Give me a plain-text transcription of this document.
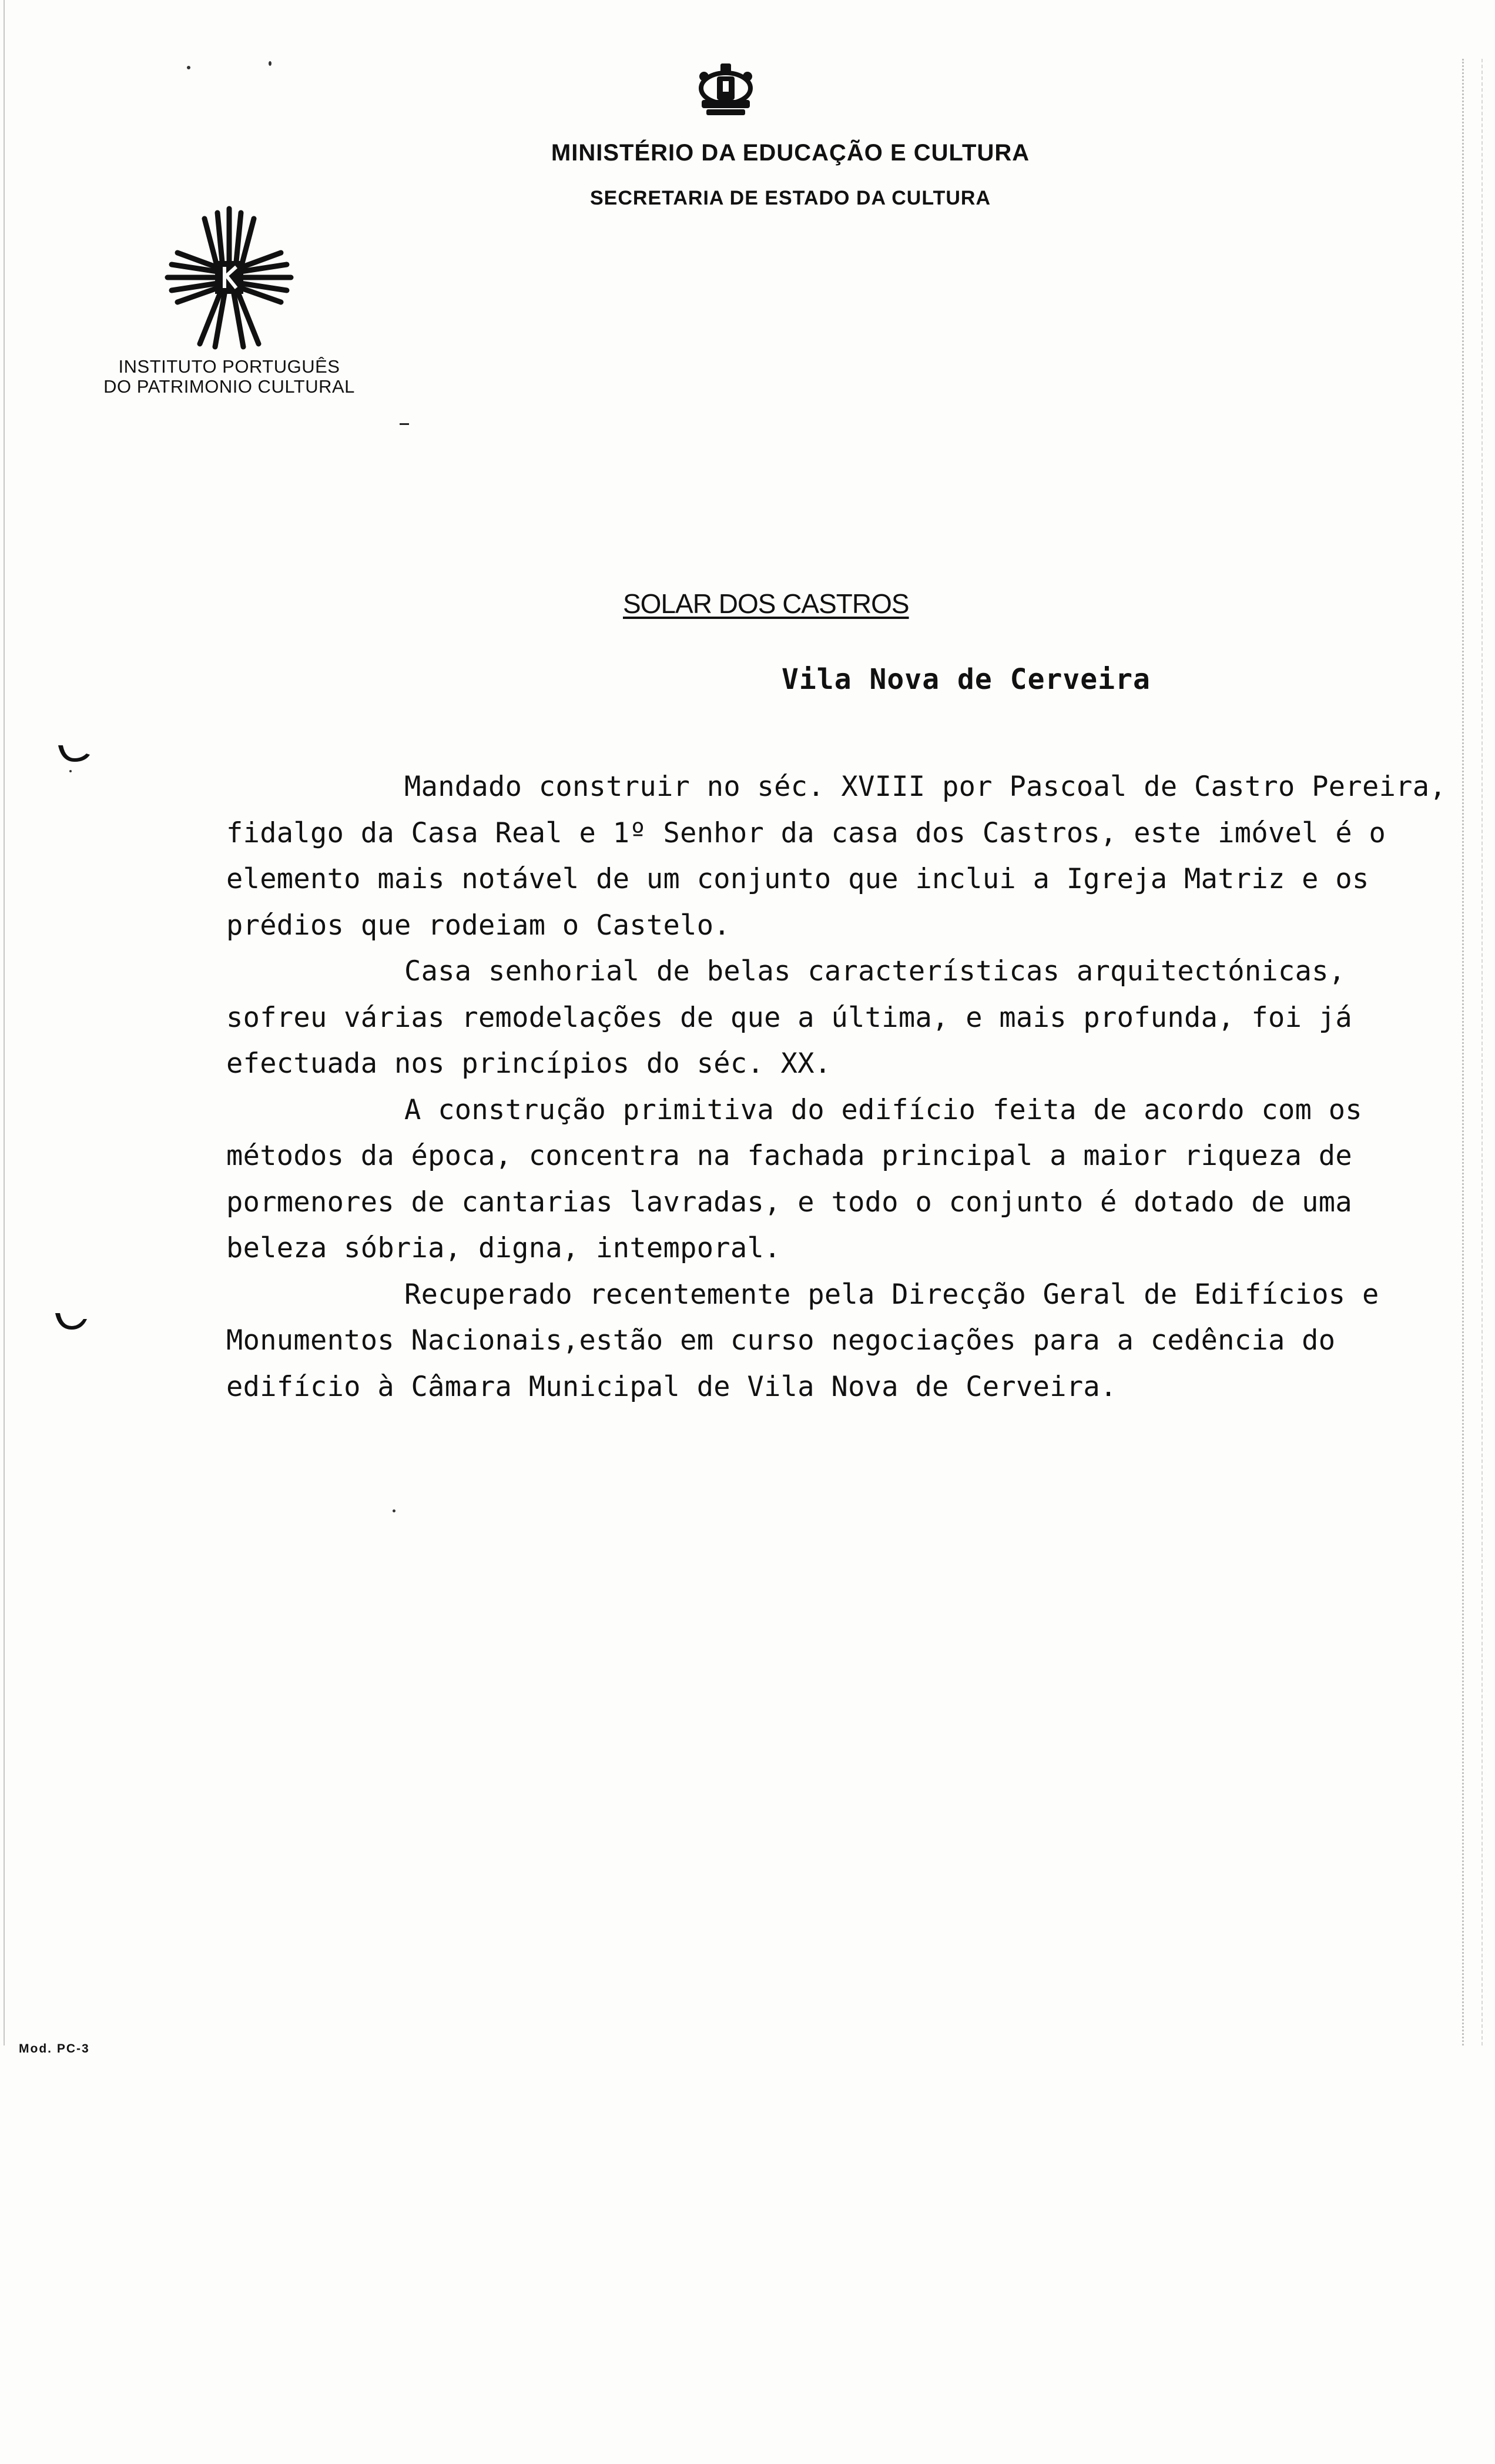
MINISTÉRIO DA EDUCAÇÃO E CULTURA
SECRETARIA DE ESTADO DA CULTURA
INSTITUTO PORTUGUÊS
DO PATRIMONIO CULTURAL
SOLAR DOS CASTROS
Vila Nova de Cerveira

Mandado construir no séc. XVIII por Pascoal de Castro Pereira, fidalgo da Casa Real e 1º Senhor da casa dos Castros, este imóvel é o elemento mais notável de um conjunto que inclui a Igreja Matriz e os prédios que rodeiam o Castelo.

Casa senhorial de belas características arquitectónicas, sofreu várias remodelações de que a última, e mais profunda, foi já efectuada nos princípios do séc. XX.

A construção primitiva do edifício feita de acordo com os métodos da época, concentra na fachada principal a maior riqueza de pormenores de cantarias lavradas, e todo o conjunto é dotado de uma beleza sóbria, digna, intemporal.

Recuperado recentemente pela Direcção Geral de Edifícios e Monumentos Nacionais,estão em curso negociações para a cedência do edifício à Câmara Municipal de Vila Nova de Cerveira.

Mod. PC-3
